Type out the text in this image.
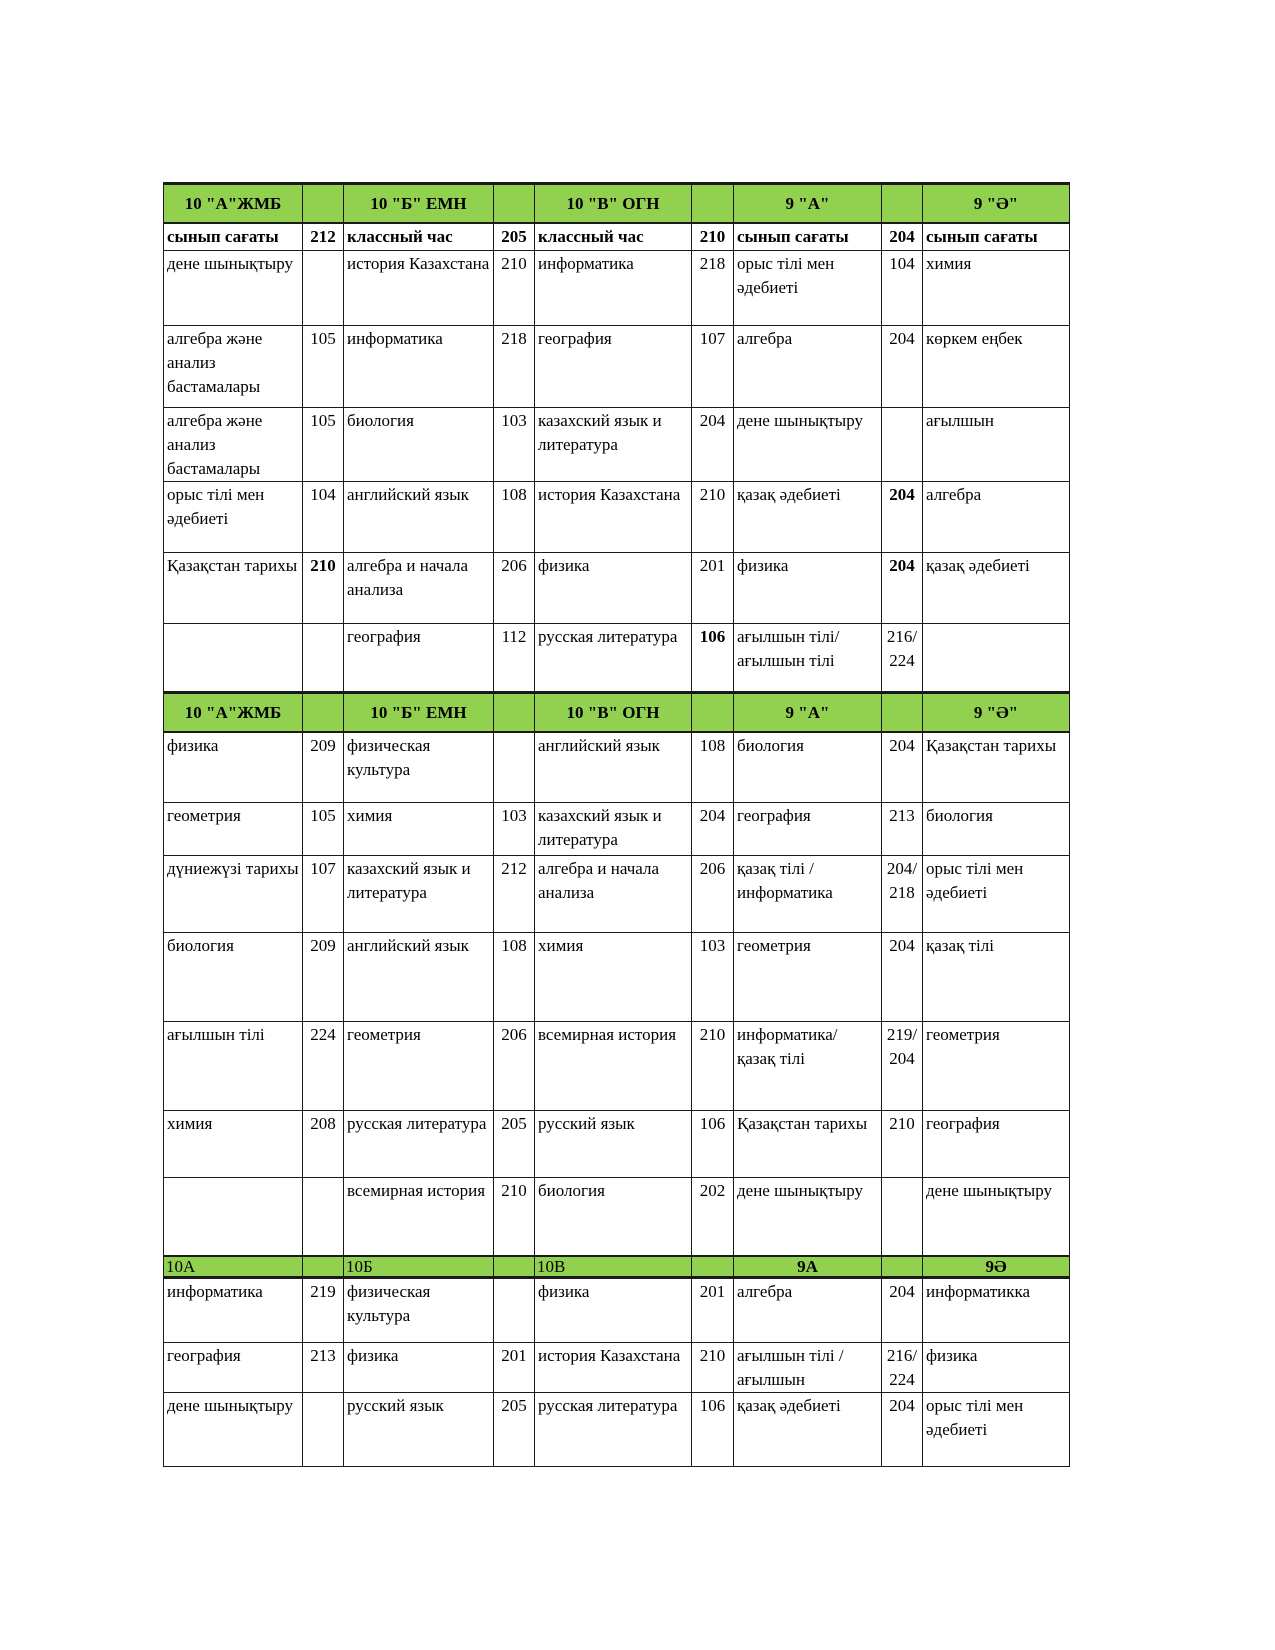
10 "А"ЖМБ		10 "Б" ЕМН		10 "В" ОГН		9 "А"		9 "Ә"
сынып сағаты	212	классный час	205	классный час	210	сынып сағаты	204	сынып сағаты
дене шынықтыру		история Казахстана	210	информатика	218	орыс тілі мен әдебиеті	104	химия
алгебра және анализ бастамалары	105	информатика	218	география	107	алгебра	204	көркем еңбек
алгебра және анализ бастамалары	105	биология	103	казахский язык и литература	204	дене шынықтыру		ағылшын
орыс тілі мен әдебиеті	104	английский язык	108	история Казахстана	210	қазақ әдебиеті	204	алгебра
Қазақстан тарихы	210	алгебра и начала анализа	206	физика	201	физика	204	қазақ әдебиеті
		география	112	русская литература	106	ағылшын тілі/ағылшын тілі	216/ 224	
10 "А"ЖМБ		10 "Б" ЕМН		10 "В" ОГН		9 "А"		9 "Ә"
физика	209	физическая культура		английский язык	108	биология	204	Қазақстан тарихы
геометрия	105	химия	103	казахский язык и литература	204	география	213	биология
дүниежүзі тарихы	107	казахский язык и литература	212	алгебра и начала анализа	206	қазақ тілі / информатика	204/ 218	орыс тілі мен әдебиеті
биология	209	английский язык	108	химия	103	геометрия	204	қазақ тілі
ағылшын тілі	224	геометрия	206	всемирная история	210	информатика/ қазақ тілі	219/ 204	геометрия
химия	208	русская литература	205	русский язык	106	Қазақстан тарихы	210	география
		всемирная история	210	биология	202	дене шынықтыру		дене шынықтыру
10А		10Б		10В		9А		9Ә
информатика	219	физическая культура		физика	201	алгебра	204	информатикка
география	213	физика	201	история Казахстана	210	ағылшын тілі / ағылшын	216/ 224	физика
дене шынықтыру		русский язык	205	русская литература	106	қазақ әдебиеті	204	орыс тілі мен әдебиеті
